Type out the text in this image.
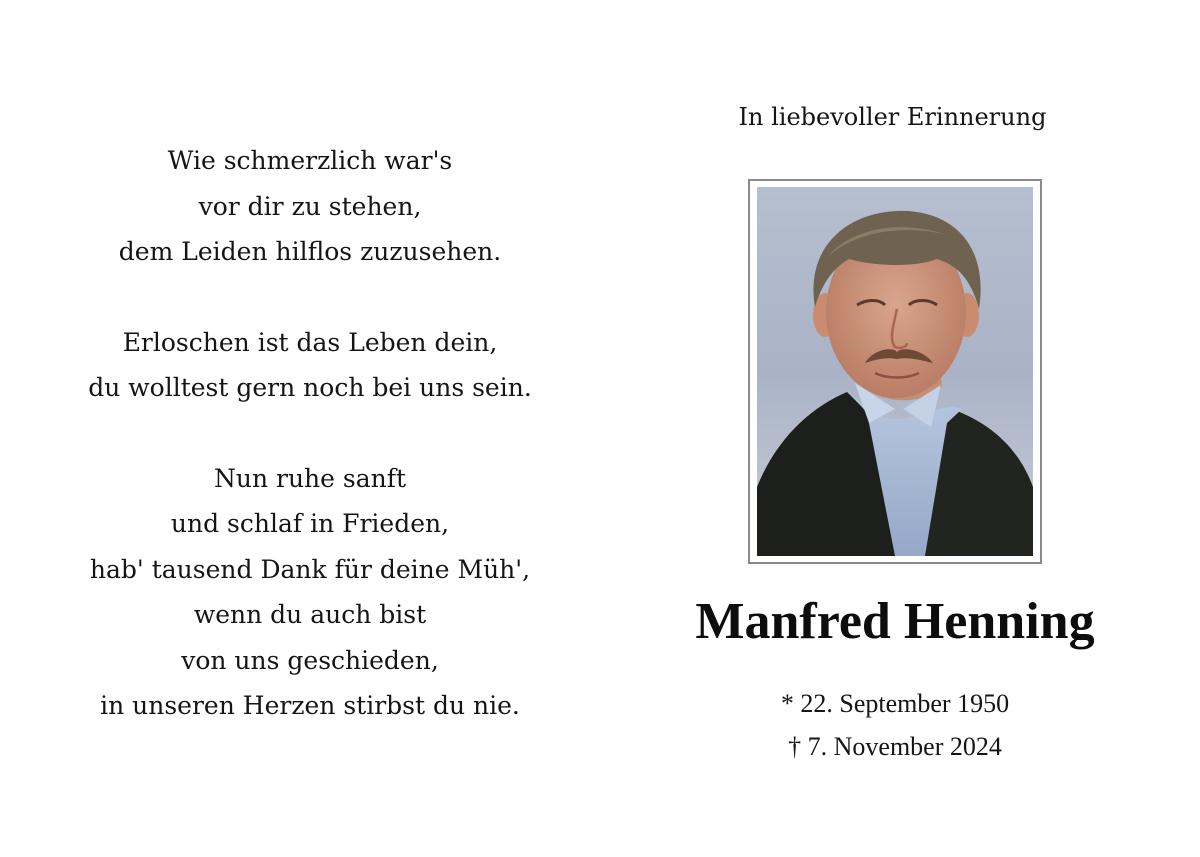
Wie schmerzlich war's
vor dir zu stehen,
dem Leiden hilflos zuzusehen.

Erloschen ist das Leben dein,
du wolltest gern noch bei uns sein.

Nun ruhe sanft
und schlaf in Frieden,
hab' tausend Dank für deine Müh',
wenn du auch bist
von uns geschieden,
in unseren Herzen stirbst du nie.

In liebevoller Erinnerung
Manfred Henning
* 22. September 1950
† 7. November 2024
